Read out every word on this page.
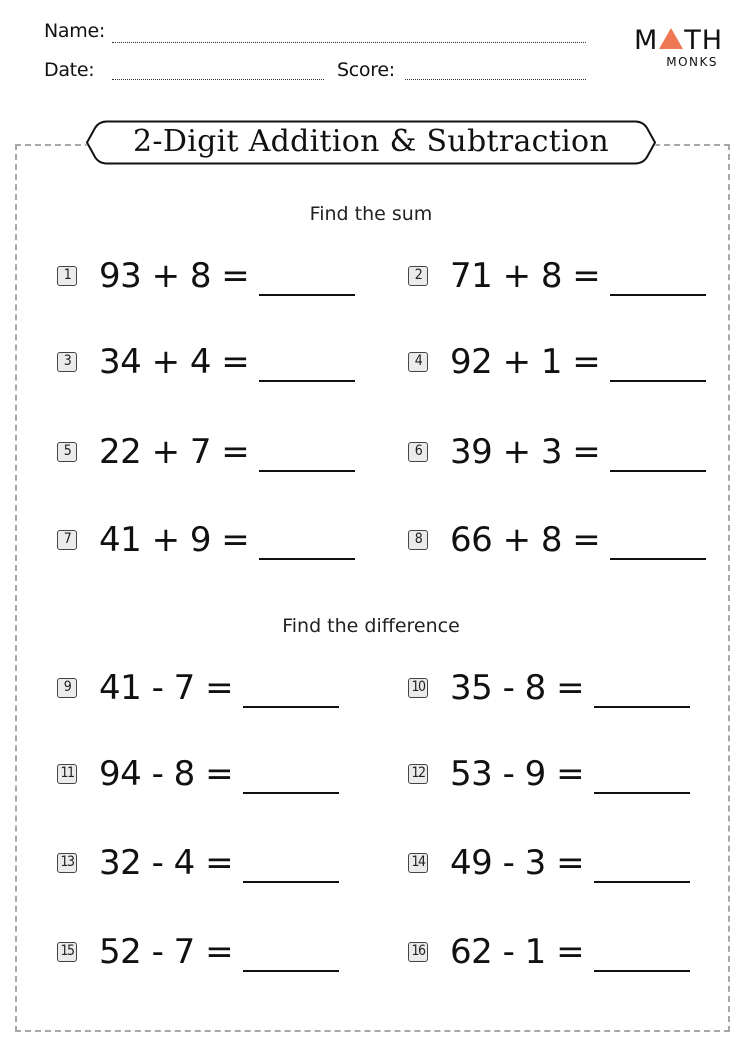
Name:
Date:	Score:
M TH
MONKS
2-Digit Addition & Subtraction
Find the sum
1 93 + 8 =	2 71 + 8 =
3 34 + 4 =	4 92 + 1 =
5 22 + 7 =	6 39 + 3 =
7 41 + 9 =	8 66 + 8 =
Find the difference
9 41 - 7 =	10 35 - 8 =
11 94 - 8 =	12 53 - 9 =
13 32 - 4 =	14 49 - 3 =
15 52 - 7 =	16 62 - 1 =
